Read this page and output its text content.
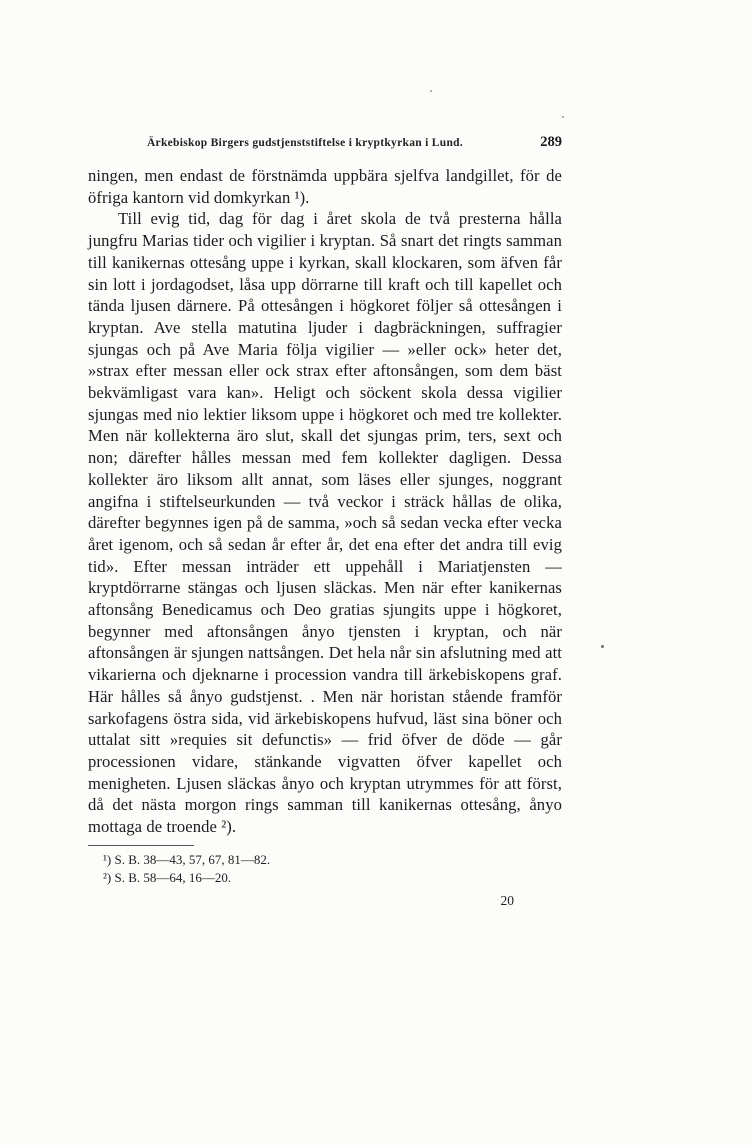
Ärkebiskop Birgers gudstjenststiftelse i kryptkyrkan i Lund.	289

ningen, men endast de förstnämda uppbära sjelfva landgillet, för de öfriga kantorn vid domkyrkan ¹).

Till evig tid, dag för dag i året skola de två presterna hålla jungfru Marias tider och vigilier i kryptan. Så snart det ringts samman till kanikernas ottesång uppe i kyrkan, skall klockaren, som äfven får sin lott i jordagodset, låsa upp dörrarne till kraft och till kapellet och tända ljusen därnere. På ottesången i högkoret följer så ottesången i kryptan. Ave stella matutina ljuder i dagbräckningen, suffragier sjungas och på Ave Maria följa vigilier — »eller ock» heter det, »strax efter messan eller ock strax efter aftonsången, som dem bäst bekvämligast vara kan». Heligt och söckent skola dessa vigilier sjungas med nio lektier liksom uppe i högkoret och med tre kollekter. Men när kollekterna äro slut, skall det sjungas prim, ters, sext och non; därefter hålles messan med fem kollekter dagligen. Dessa kollekter äro liksom allt annat, som läses eller sjunges, noggrant angifna i stiftelseurkunden — två veckor i sträck hållas de olika, därefter begynnes igen på de samma, »och så sedan vecka efter vecka året igenom, och så sedan år efter år, det ena efter det andra till evig tid». Efter messan inträder ett uppehåll i Mariatjensten — kryptdörrarne stängas och ljusen släckas. Men när efter kanikernas aftonsång Benedicamus och Deo gratias sjungits uppe i högkoret, begynner med aftonsången ånyo tjensten i kryptan, och när aftonsången är sjungen nattsången. Det hela når sin afslutning med att vikarierna och djeknarne i procession vandra till ärkebiskopens graf. Här hålles så ånyo gudstjenst. . Men när horistan stående framför sarkofagens östra sida, vid ärkebiskopens hufvud, läst sina böner och uttalat sitt »requies sit defunctis» — frid öfver de döde — går processionen vidare, stänkande vigvatten öfver kapellet och menigheten. Ljusen släckas ånyo och kryptan utrymmes för att först, då det nästa morgon rings samman till kanikernas ottesång, ånyo mottaga de troende ²).

¹) S. B. 38—43, 57, 67, 81—82.
²) S. B. 58—64, 16—20.
20
